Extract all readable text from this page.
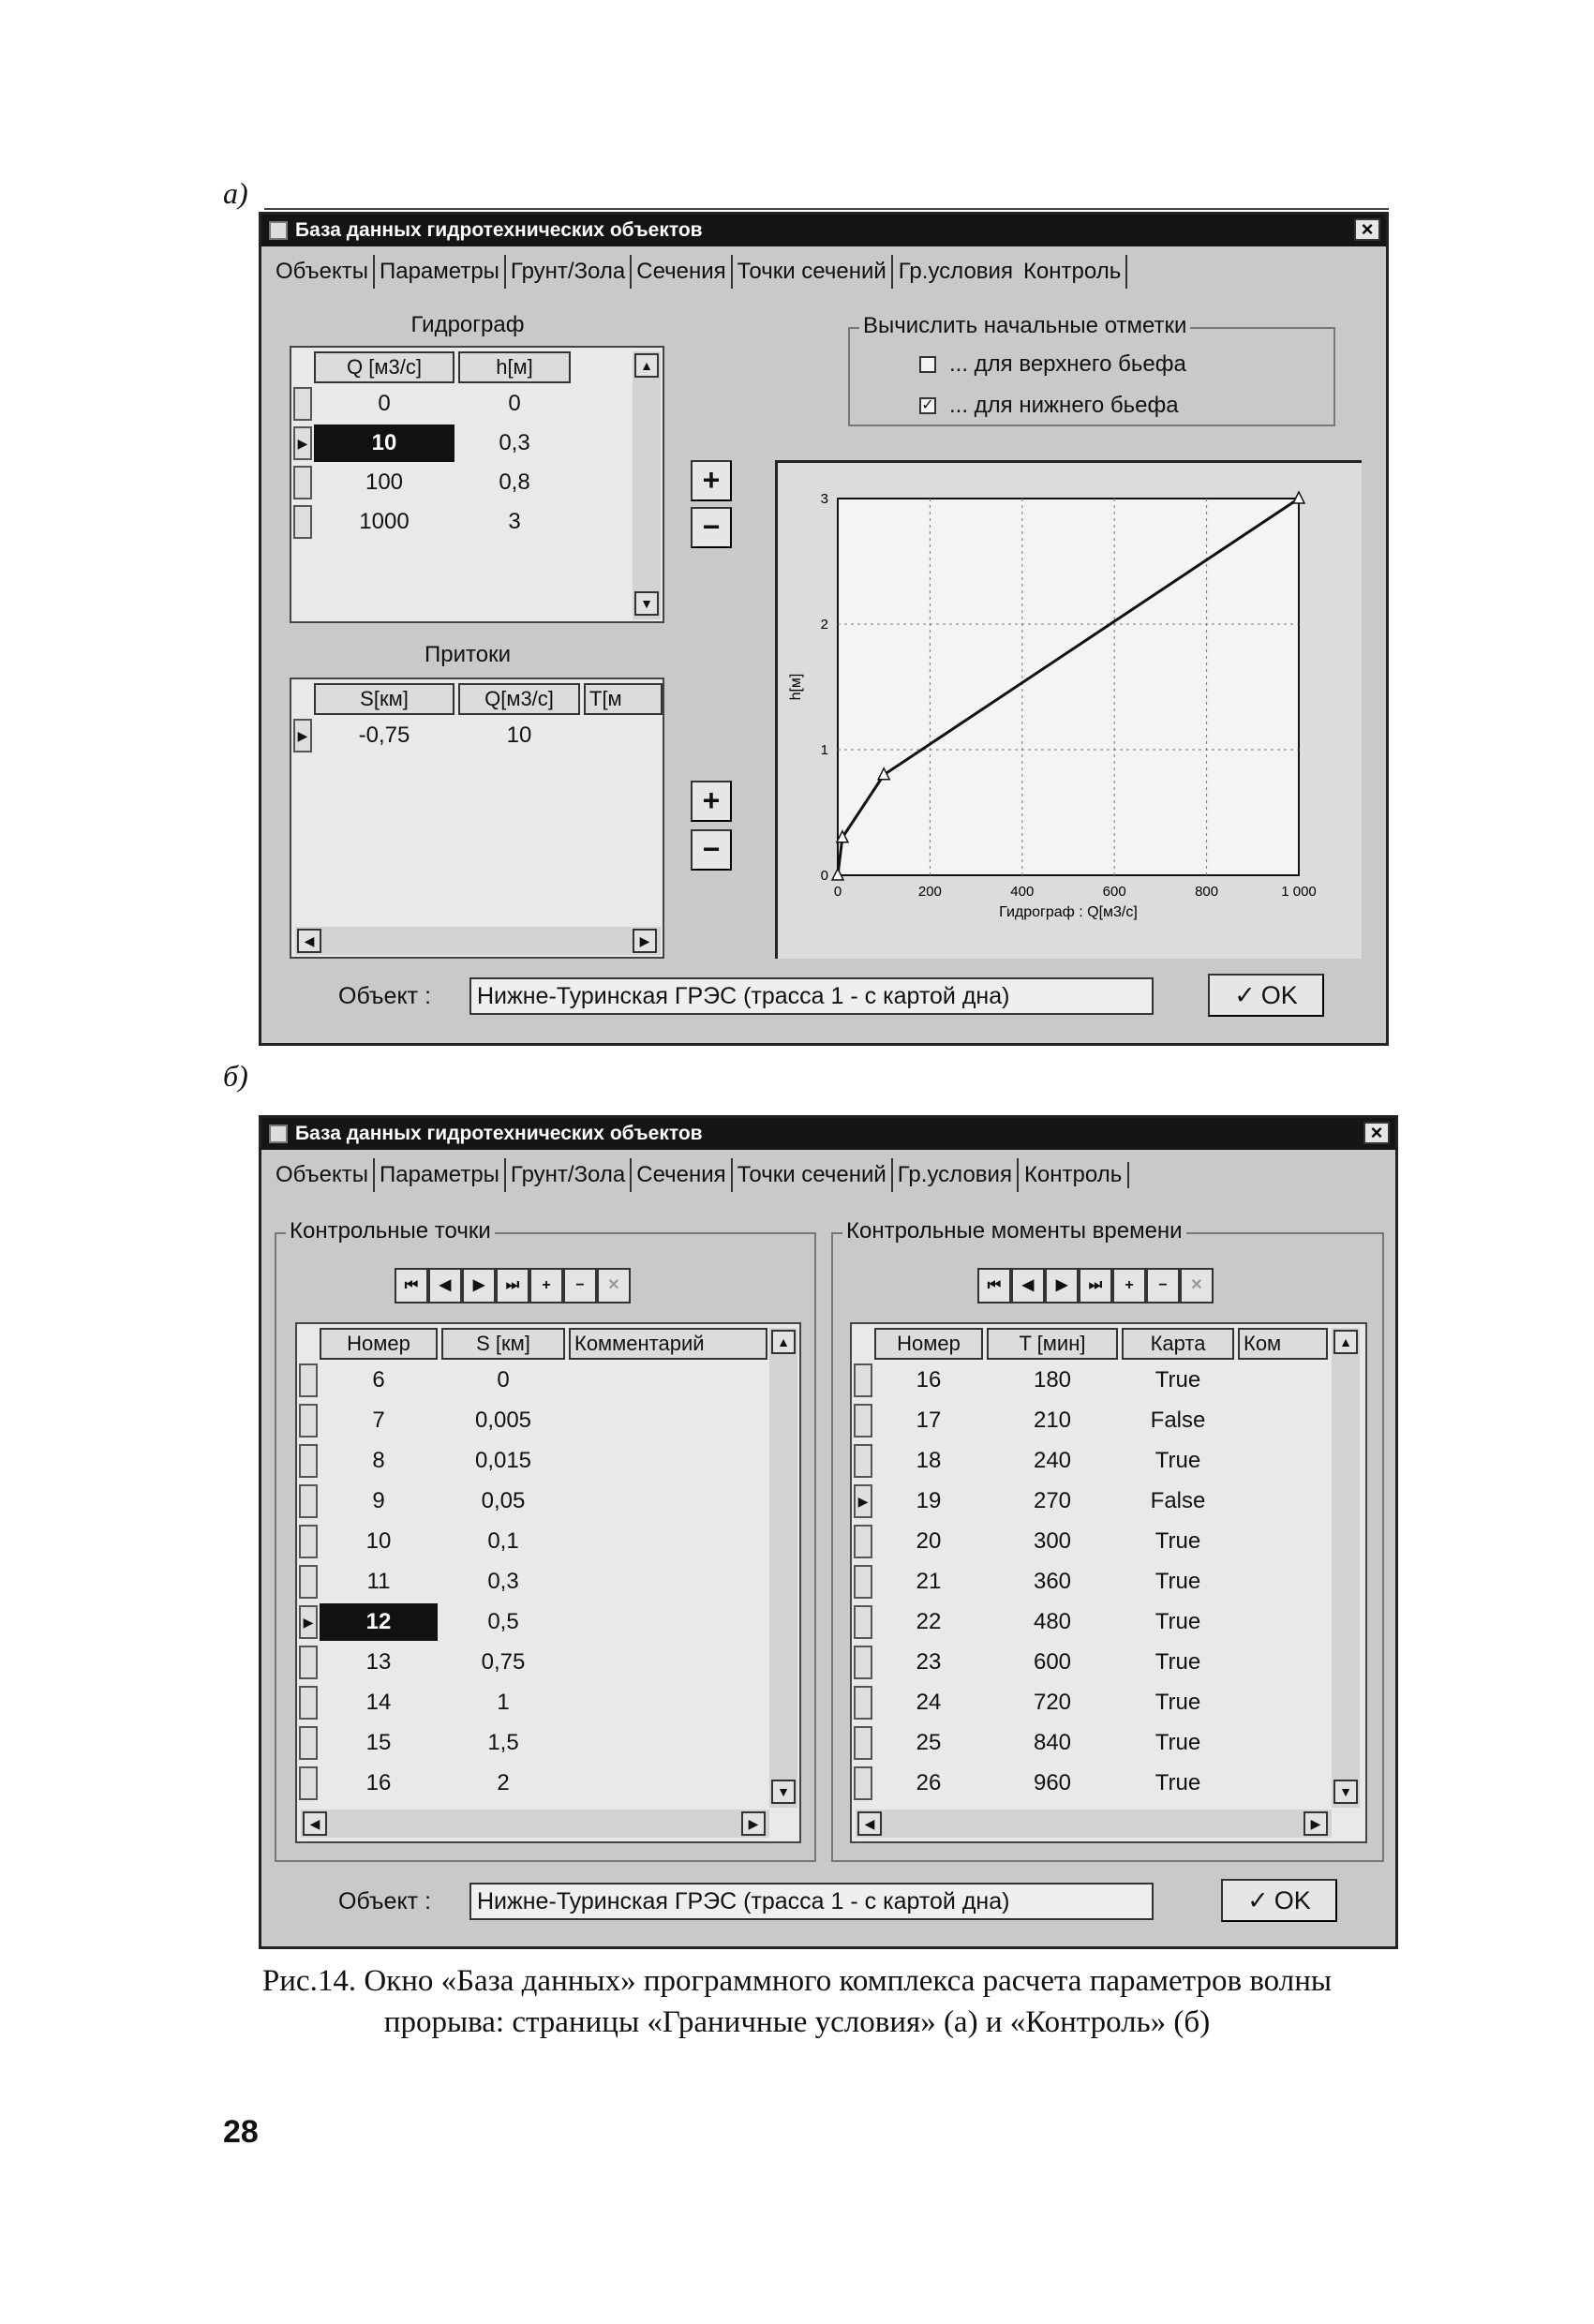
а)
База данных гидротехнических объектов	×
Объекты Параметры Грунт/Зола Сечения Точки сечений Гр.условия Контроль
Гидрограф
Q [м3/с]	h[м]
0	0
▶	10	0,3
100	0,8
1000	3
▲
▼
+
−
Притоки
S[км]	Q[м3/с]	T[м
▶	-0,75	10
◀	▶
+
−
Вычислить начальные отметки
... для верхнего бьефа
✓ ... для нижнего бьефа
0	200	400	600	800	1 000
0
1
2
3
Гидрограф : Q[м3/с]
h[м]
Объект :	Нижне-Туринская ГРЭС (трасса 1 - с картой дна)	✓ OK
б)
База данных гидротехнических объектов	×
Объекты Параметры Грунт/Зола Сечения Точки сечений Гр.условия Контроль
Контрольные точки
⏮	◀	▶	⏭	+	−	✕
Номер	S [км]	Комментарий	▲
▼
◀	▶
6	0
7	0,005
8	0,015
9	0,05
10	0,1
11	0,3
▶	12	0,5
13	0,75
14	1
15	1,5
16	2
Контрольные моменты времени
⏮	◀	▶	⏭	+	−	✕
Номер	T [мин]	Карта	Ком	▲
▼
◀	▶
16	180	True
17	210	False
18	240	True
▶	19	270	False
20	300	True
21	360	True
22	480	True
23	600	True
24	720	True
25	840	True
26	960	True
Объект :	Нижне-Туринская ГРЭС (трасса 1 - с картой дна)	✓ OK
Рис.14. Окно «База данных» программного комплекса расчета параметров волны
прорыва: страницы «Граничные условия» (а) и «Контроль» (б)
28
